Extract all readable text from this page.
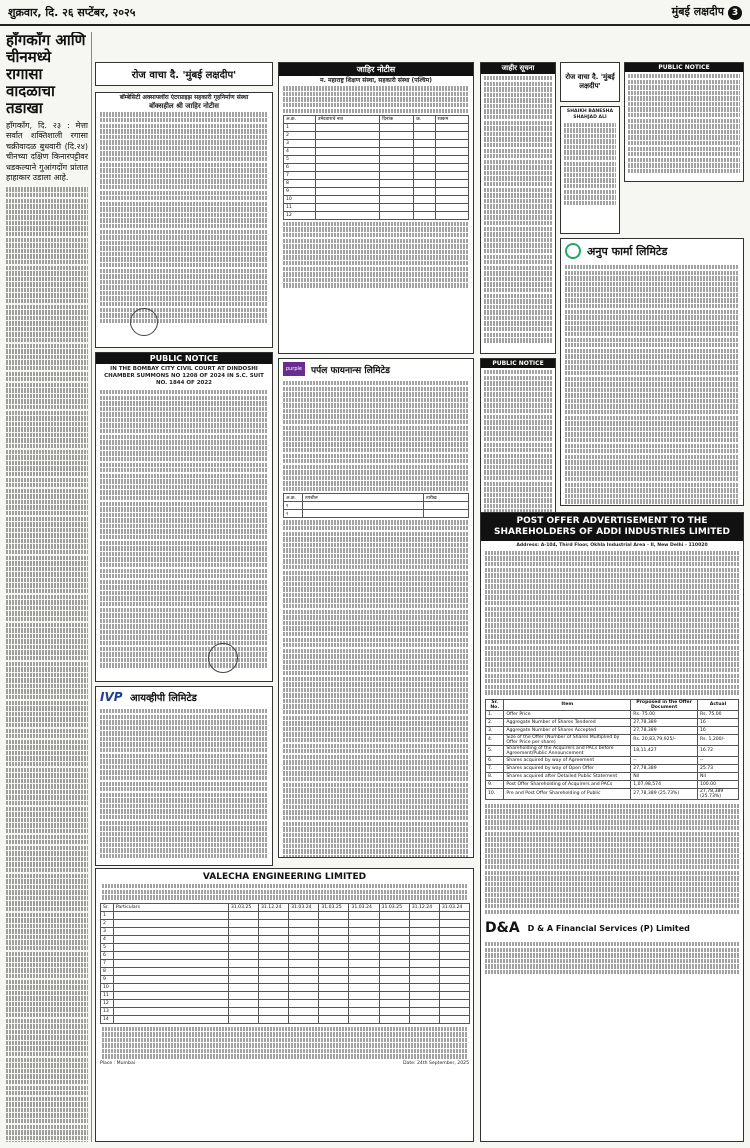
शुक्रवार, दि. २६ सप्टेंबर, २०२५	मुंबई लक्षदीप 3
हाँगकाँग आणि चीनमध्ये रागासा वादळाचा तडाखा
हॉंगकॉंग, दि. २३ : मेत्ता सर्वात शक्तिशाली रगासा चक्रीवादळ बुधवारी (दि.२४) चीनच्या दक्षिण किनारपट्टीवर धडकल्याने गुआंगदोंग प्रांतात हाहाकार उडाला आहे.
रोज वाचा दै. 'मुंबई लक्षदीप'
बॉम्बेसिटी अक्साफ्लॉरा एंटरप्राइझ सहकारी गृहनिर्माण संस्था
बॉक्सहील श्री जाहिर नोटीस
PUBLIC NOTICE
IN THE BOMBAY CITY CIVIL COURT AT DINDOSHI CHAMBER SUMMONS NO 1208 OF 2024 IN S.C. SUIT NO. 1844 OF 2022
IVP आयव्हीपी लिमिटेड
जाहिर नोटीस
म. महाराष्ट्र शिक्षण संस्था, सहकारी संस्था (पश्चिम)
अ.क्र.	उमेदवाराचे नाव	दिनांक	क्र.	रक्कम
1				
2				
3				
4				
5				
6				
7				
8				
9				
10				
11				
12				
purple पर्पल फायनान्स लिमिटेड
अ.क्र.	तपशील	तारीख
१		
२		
जाहीर सूचना
रोज वाचा दै. 'मुंबई लक्षदीप'
PUBLIC NOTICE
SHAIKH BANESHA SHAHJAD ALI
अनुप फार्मा लिमिटेड
PUBLIC NOTICE
POST OFFER ADVERTISEMENT TO THE SHAREHOLDERS OF ADDI INDUSTRIES LIMITED
Address: A-104, Third Floor, Okhla Industrial Area - II, New Delhi - 110020
Sr. No.	Item	Proposed in the Offer Document	Actual
1.	Offer Price	Rs. 75.00	Rs. 75.00
2.	Aggregate Number of Shares Tendered	27,78,389	16
3.	Aggregate Number of Shares Accepted	27,78,389	16
4.	Size of the Offer (Number of Shares Multiplied by Offer Price per share)	Rs. 20,83,79,925/-	Rs. 1,200/-
5.	Shareholding of the Acquirers and PACs before Agreement/Public Announcement	18,11,427	16.72
6.	Shares acquired by way of Agreement	--	--
7.	Shares acquired by way of Open Offer	27,78,389	25.73
8.	Shares acquired after Detailed Public Statement	Nil	Nil
9.	Post Offer Shareholding of Acquirers and PACs	1,07,98,574	100.00
10.	Pre and Post Offer Shareholding of Public	27,78,389 (25.73%)	27,78,389 (25.73%)
D&A D & A Financial Services (P) Limited
VALECHA ENGINEERING LIMITED
Sr.	Particulars	31.03.25	31.12.24	31.03.24	31.03.25	31.03.24	31.03.25	31.12.24	31.03.24
1									
2									
3									
4									
5									
6									
7									
8									
9									
10									
11									
12									
13									
14									
Place : Mumbai	Date: 24th September, 2025
